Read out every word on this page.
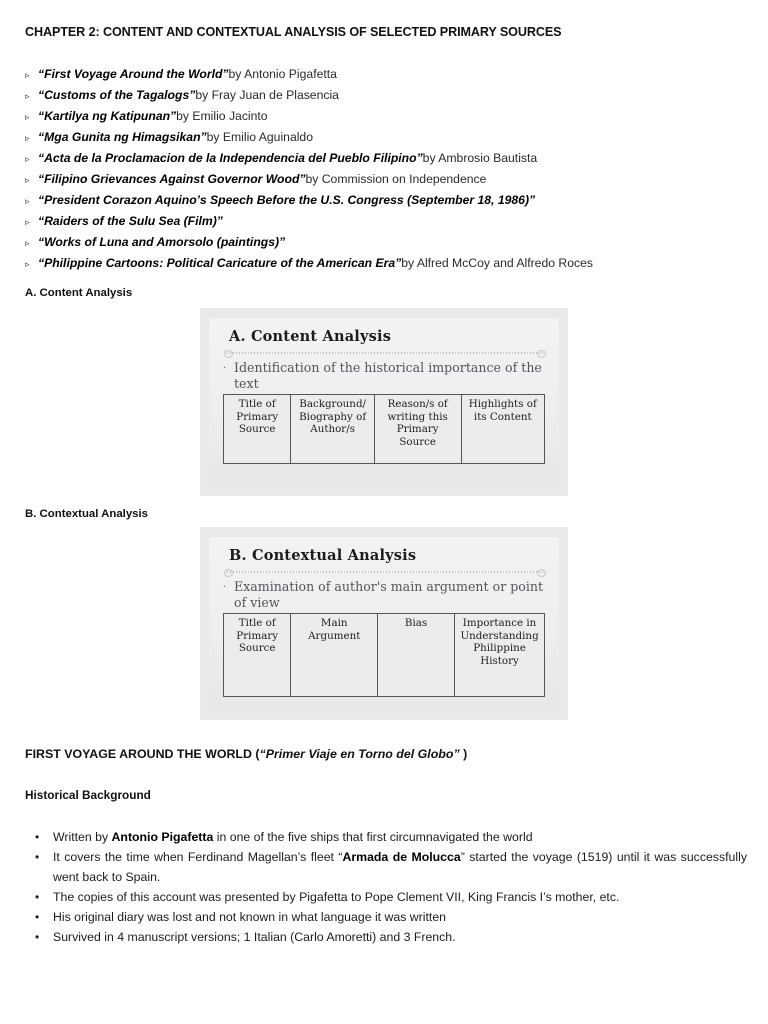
CHAPTER 2: CONTENT AND CONTEXTUAL ANALYSIS OF SELECTED PRIMARY SOURCES
▹ “First Voyage Around the World” by Antonio Pigafetta
▹ “Customs of the Tagalogs” by Fray Juan de Plasencia
▹ “Kartilya ng Katipunan” by Emilio Jacinto
▹ “Mga Gunita ng Himagsikan” by Emilio Aguinaldo
▹ “Acta de la Proclamacion de la Independencia del Pueblo Filipino” by Ambrosio Bautista
▹ “Filipino Grievances Against Governor Wood” by Commission on Independence
▹ “President Corazon Aquino’s Speech Before the U.S. Congress (September 18, 1986)”
▹ “Raiders of the Sulu Sea (Film)”
▹ “Works of Luna and Amorsolo (paintings)”
▹ “Philippine Cartoons: Political Caricature of the American Era” by Alfred McCoy and Alfredo Roces
A. Content Analysis
A. Content Analysis
· Identification of the historical importance of the text
Title of
Primary
Source

Background/
Biography of
Author/s

Reason/s of
writing this
Primary
Source

Highlights of
its Content
B. Contextual Analysis
B. Contextual Analysis
· Examination of author's main argument or point of view
Title of
Primary
Source

Main
Argument

Bias	Importance in
Understanding
Philippine
History
FIRST VOYAGE AROUND THE WORLD (“Primer Viaje en Torno del Globo” )
Historical Background
•	Written by Antonio Pigafetta in one of the five ships that first circumnavigated the world
•	It covers the time when Ferdinand Magellan’s fleet “Armada de Molucca” started the voyage (1519) until it was successfully went back to Spain.
•	The copies of this account was presented by Pigafetta to Pope Clement VII, King Francis I’s mother, etc.
•	His original diary was lost and not known in what language it was written
•	Survived in 4 manuscript versions; 1 Italian (Carlo Amoretti) and 3 French.
